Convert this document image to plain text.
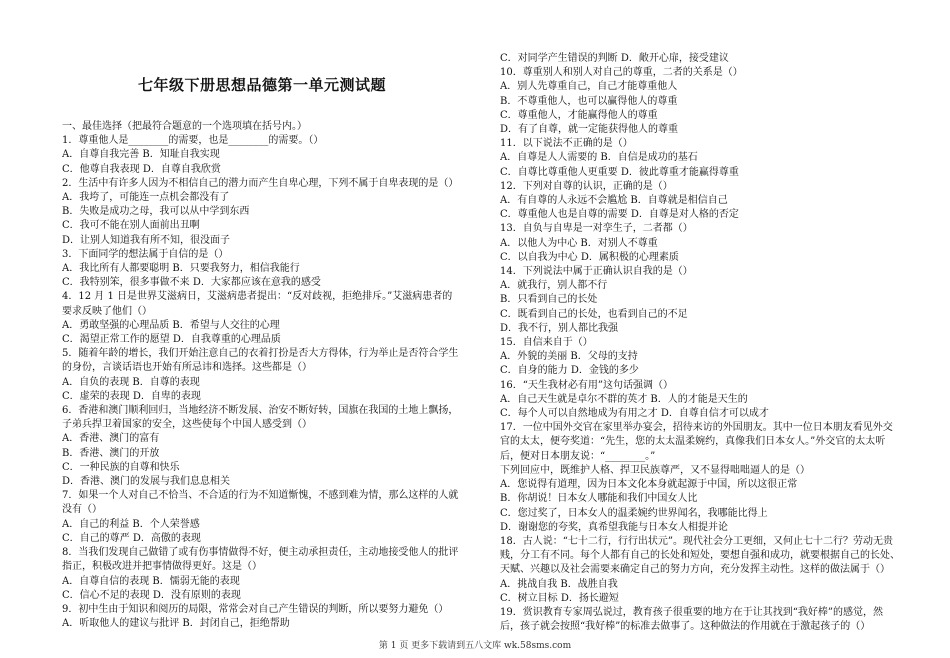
七年级下册思想品德第一单元测试题
一、最佳选择（把最符合题意的一个选项填在括号内。）
1．尊重他人是________的需要，也是________的需要。（）
A．自尊自我完善 B．知耻自我实现
C．他尊自我表现 D．自尊自我欣赏
2．生活中有许多人因为不相信自己的潜力而产生自卑心理，下列不属于自卑表现的是（）
A．我垮了，可能连一点机会都没有了
B．失败是成功之母，我可以从中学到东西
C．我可不能在别人面前出丑啊
D．让别人知道我有所不知，很没面子
3．下面同学的想法属于自信的是（）
A．我比所有人都要聪明 B．只要我努力，相信我能行
C．我特别笨，很多事做不来 D．大家都应该在意我的感受
4．12 月 1 日是世界艾滋病日，艾滋病患者提出：“反对歧视，拒绝排斥。”艾滋病患者的要求反映了他们（）
A．勇敢坚强的心理品质 B．希望与人交往的心理
C．渴望正常工作的愿望 D．自我尊重的心理品质
5．随着年龄的增长，我们开始注意自己的衣着打扮是否大方得体，行为举止是否符合学生的身份，言谈话语也开始有所忌讳和选择。这些都是（）
A．自负的表现 B．自尊的表现
C．虚荣的表现 D．自卑的表现
6．香港和澳门顺利回归，当地经济不断发展、治安不断好转，国旗在我国的土地上飘扬，子弟兵捍卫着国家的安全，这些使每个中国人感受到（）
A．香港、澳门的富有
B．香港、澳门的开放
C．一种民族的自尊和快乐
D．香港、澳门的发展与我们息息相关
7．如果一个人对自己不恰当、不合适的行为不知道惭愧，不感到难为情，那么这样的人就没有（）
A．自己的利益 B．个人荣誉感
C．自己的尊严 D．高傲的表现
8．当我们发现自己做错了或有伤事情做得不好，便主动承担责任，主动地接受他人的批评指正，积极改进并把事情做得更好。这是（）
A．自尊自信的表现 B．懦弱无能的表现
C．信心不足的表现 D．没有原则的表现
9．初中生由于知识和阅历的局限，常常会对自己产生错误的判断，所以要努力避免（）
A．听取他人的建议与批评 B．封闭自己，拒绝帮助
C．对同学产生错误的判断 D．敞开心扉，接受建议
10．尊重别人和别人对自己的尊重，二者的关系是（）
A．别人先尊重自己，自己才能尊重他人
B．不尊重他人，也可以赢得他人的尊重
C．尊重他人，才能赢得他人的尊重
D．有了自尊，就一定能获得他人的尊重
11．以下说法不正确的是（）
A．自尊是人人需要的 B．自信是成功的基石
C．自尊比尊重他人更重要 D．彼此尊重才能赢得尊重
12．下列对自尊的认识，正确的是（）
A．有自尊的人永远不会尴尬 B．自尊就是相信自己
C．尊重他人也是自尊的需要 D．自尊是对人格的否定
13．自负与自卑是一对孪生子，二者都（）
A．以他人为中心 B．对别人不尊重
C．以自我为中心 D．属积极的心理素质
14．下列说法中属于正确认识自我的是（）
A．就我行，别人都不行
B．只看到自己的长处
C．既看到自己的长处，也看到自己的不足
D．我不行，别人都比我强
15．自信来自于（）
A．外貌的美丽 B．父母的支持
C．自身的能力 D．金钱的多少
16．“天生我材必有用”这句话强调（）
A．自己天生就是卓尔不群的英才 B．人的才能是天生的
C．每个人可以自然地成为有用之才 D．自尊自信才可以成才
17．一位中国外交官在家里举办宴会，招待来访的外国朋友。其中一位日本朋友看见外交官的太太，便夸奖道：“先生，您的太太温柔婉约，真像我们日本女人。”外交官的太太听后，便对日本朋友说：“________。”
下列回应中，既维护人格、捍卫民族尊严，又不显得咄咄逼人的是（）
A．您说得有道理，因为日本文化本身就起源于中国，所以这很正常
B．你胡说！日本女人哪能和我们中国女人比
C．您过奖了，日本女人的温柔婉约世界闻名，我哪能比得上
D．谢谢您的夸奖，真希望我能与日本女人相提并论
18．古人说：“七十二行，行行出状元”。现代社会分工更细，又何止七十二行？劳动无贵贱，分工有不同。每个人都有自己的长处和短处，要想自强和成功，就要根据自己的长处、天赋、兴趣以及社会需要来确定自己的努力方向，充分发挥主动性。这样的做法属于（）
A．挑战自我 B．战胜自我
C．树立目标 D．扬长避短
19．赏识教育专家周弘说过，教育孩子很重要的地方在于让其找到“我好棒”的感觉，然后，孩子就会按照“我好棒”的标准去做事了。这种做法的作用就在于激起孩子的（）
第 1 页 更多下载请到五八文库 wk.58sms.com
